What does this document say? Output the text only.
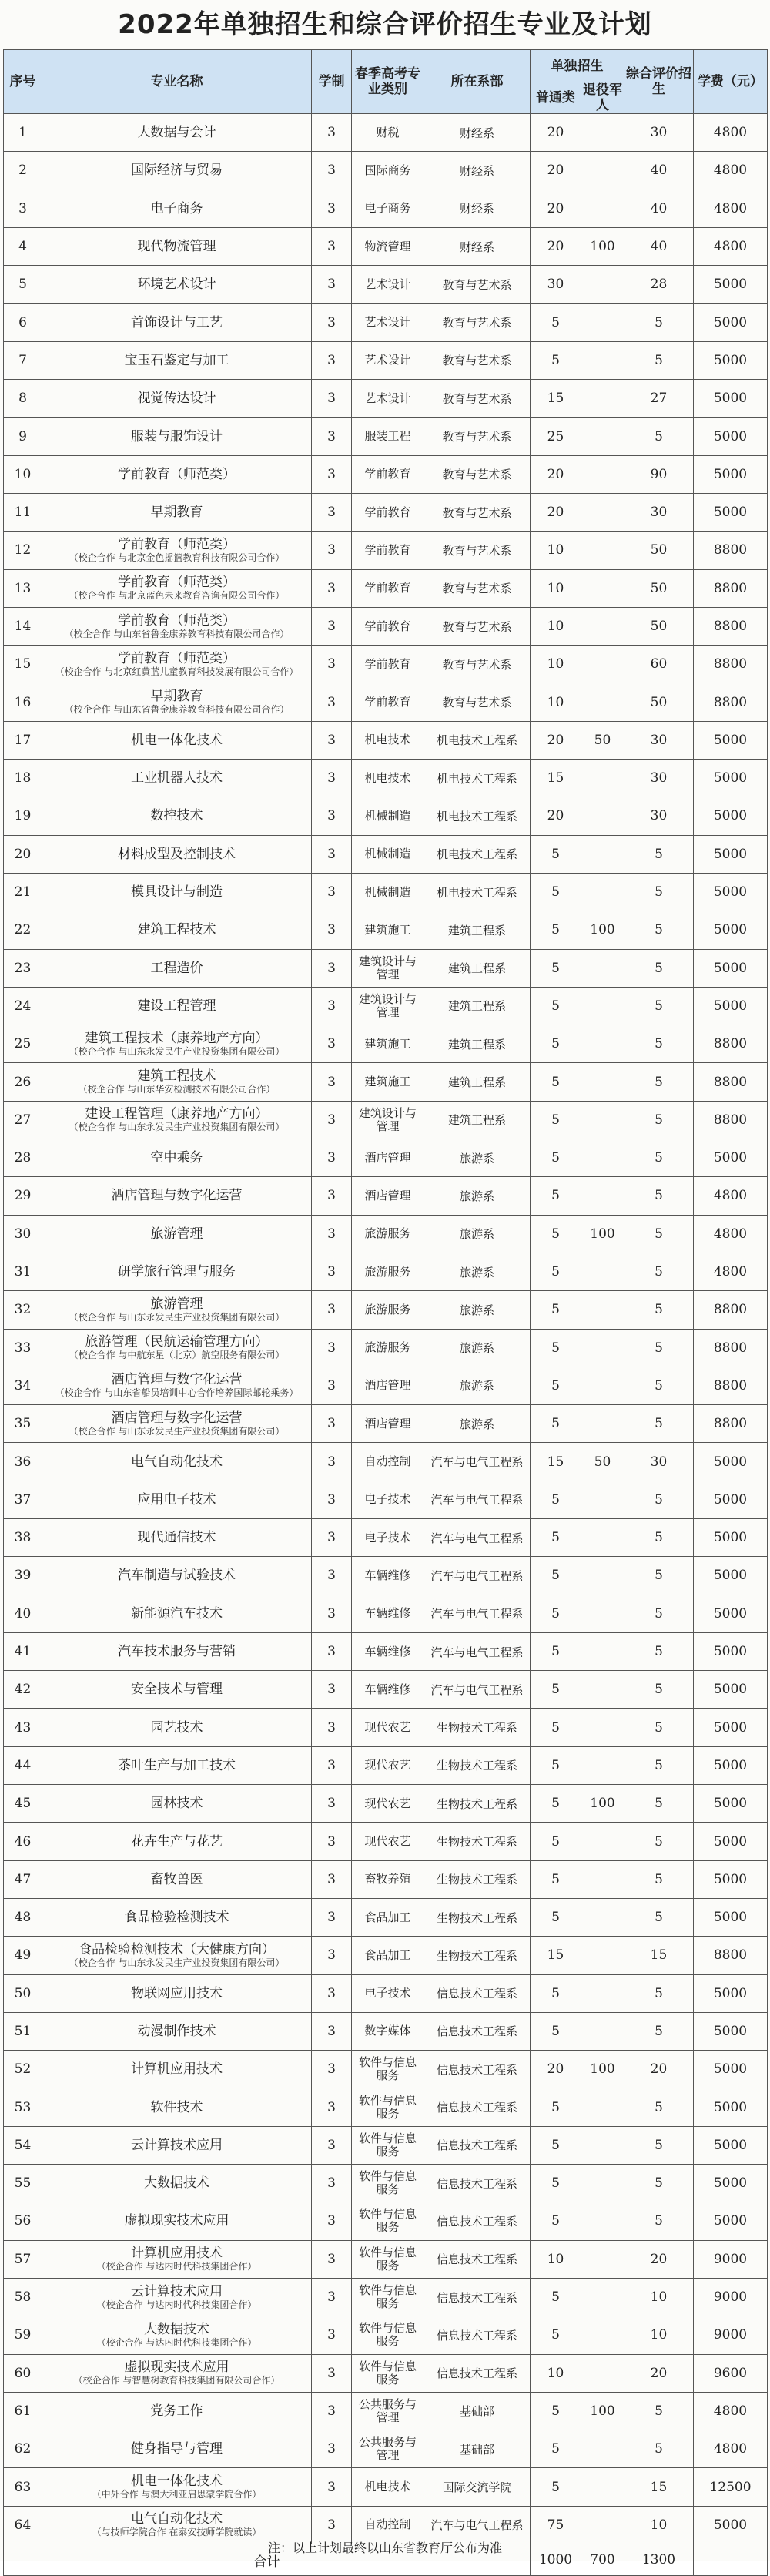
2022年单独招生和综合评价招生专业及计划
序号	专业名称	学制	春季高考专业类别	所在系部	单独招生		综合评价招生	学费（元）
					普通类	退役军人		
1	大数据与会计	3	财税	财经系	20		30	4800
2	国际经济与贸易	3	国际商务	财经系	20		40	4800
3	电子商务	3	电子商务	财经系	20		40	4800
4	现代物流管理	3	物流管理	财经系	20	100	40	4800
5	环境艺术设计	3	艺术设计	教育与艺术系	30		28	5000
6	首饰设计与工艺	3	艺术设计	教育与艺术系	5		5	5000
7	宝玉石鉴定与加工	3	艺术设计	教育与艺术系	5		5	5000
8	视觉传达设计	3	艺术设计	教育与艺术系	15		27	5000
9	服装与服饰设计	3	服装工程	教育与艺术系	25		5	5000
10	学前教育（师范类）	3	学前教育	教育与艺术系	20		90	5000
11	早期教育	3	学前教育	教育与艺术系	20		30	5000
12	学前教育（师范类）
（校企合作 与北京金色摇篮教育科技有限公司合作）	3	学前教育	教育与艺术系	10		50	8800
13	学前教育（师范类）
（校企合作 与北京蓝色未来教育咨询有限公司合作）	3	学前教育	教育与艺术系	10		50	8800
14	学前教育（师范类）
（校企合作 与山东省鲁金康养教育科技有限公司合作）	3	学前教育	教育与艺术系	10		50	8800
15	学前教育（师范类）
（校企合作 与北京红黄蓝儿童教育科技发展有限公司合作）	3	学前教育	教育与艺术系	10		60	8800
16	早期教育
（校企合作 与山东省鲁金康养教育科技有限公司合作）	3	学前教育	教育与艺术系	10		50	8800
17	机电一体化技术	3	机电技术	机电技术工程系	20	50	30	5000
18	工业机器人技术	3	机电技术	机电技术工程系	15		30	5000
19	数控技术	3	机械制造	机电技术工程系	20		30	5000
20	材料成型及控制技术	3	机械制造	机电技术工程系	5		5	5000
21	模具设计与制造	3	机械制造	机电技术工程系	5		5	5000
22	建筑工程技术	3	建筑施工	建筑工程系	5	100	5	5000
23	工程造价	3	建筑设计与管理	建筑工程系	5		5	5000
24	建设工程管理	3	建筑设计与管理	建筑工程系	5		5	5000
25	建筑工程技术（康养地产方向）
（校企合作 与山东永发民生产业投资集团有限公司）	3	建筑施工	建筑工程系	5		5	8800
26	建筑工程技术
（校企合作 与山东华安检测技术有限公司合作）	3	建筑施工	建筑工程系	5		5	8800
27	建设工程管理（康养地产方向）
（校企合作 与山东永发民生产业投资集团有限公司）	3	建筑设计与管理	建筑工程系	5		5	8800
28	空中乘务	3	酒店管理	旅游系	5		5	5000
29	酒店管理与数字化运营	3	酒店管理	旅游系	5		5	4800
30	旅游管理	3	旅游服务	旅游系	5	100	5	4800
31	研学旅行管理与服务	3	旅游服务	旅游系	5		5	4800
32	旅游管理
（校企合作 与山东永发民生产业投资集团有限公司）	3	旅游服务	旅游系	5		5	8800
33	旅游管理（民航运输管理方向）
（校企合作 与中航东星（北京）航空服务有限公司）	3	旅游服务	旅游系	5		5	8800
34	酒店管理与数字化运营
（校企合作 与山东省船员培训中心合作培养国际邮轮乘务）	3	酒店管理	旅游系	5		5	8800
35	酒店管理与数字化运营
（校企合作 与山东永发民生产业投资集团有限公司）	3	酒店管理	旅游系	5		5	8800
36	电气自动化技术	3	自动控制	汽车与电气工程系	15	50	30	5000
37	应用电子技术	3	电子技术	汽车与电气工程系	5		5	5000
38	现代通信技术	3	电子技术	汽车与电气工程系	5		5	5000
39	汽车制造与试验技术	3	车辆维修	汽车与电气工程系	5		5	5000
40	新能源汽车技术	3	车辆维修	汽车与电气工程系	5		5	5000
41	汽车技术服务与营销	3	车辆维修	汽车与电气工程系	5		5	5000
42	安全技术与管理	3	车辆维修	汽车与电气工程系	5		5	5000
43	园艺技术	3	现代农艺	生物技术工程系	5		5	5000
44	茶叶生产与加工技术	3	现代农艺	生物技术工程系	5		5	5000
45	园林技术	3	现代农艺	生物技术工程系	5	100	5	5000
46	花卉生产与花艺	3	现代农艺	生物技术工程系	5		5	5000
47	畜牧兽医	3	畜牧养殖	生物技术工程系	5		5	5000
48	食品检验检测技术	3	食品加工	生物技术工程系	5		5	5000
49	食品检验检测技术（大健康方向）
（校企合作 与山东永发民生产业投资集团有限公司）	3	食品加工	生物技术工程系	15		15	8800
50	物联网应用技术	3	电子技术	信息技术工程系	5		5	5000
51	动漫制作技术	3	数字媒体	信息技术工程系	5		5	5000
52	计算机应用技术	3	软件与信息服务	信息技术工程系	20	100	20	5000
53	软件技术	3	软件与信息服务	信息技术工程系	5		5	5000
54	云计算技术应用	3	软件与信息服务	信息技术工程系	5		5	5000
55	大数据技术	3	软件与信息服务	信息技术工程系	5		5	5000
56	虚拟现实技术应用	3	软件与信息服务	信息技术工程系	5		5	5000
57	计算机应用技术
（校企合作 与达内时代科技集团合作）	3	软件与信息服务	信息技术工程系	10		20	9000
58	云计算技术应用
（校企合作 与达内时代科技集团合作）	3	软件与信息服务	信息技术工程系	5		10	9000
59	大数据技术
（校企合作 与达内时代科技集团合作）	3	软件与信息服务	信息技术工程系	5		10	9000
60	虚拟现实技术应用
（校企合作 与智慧树教育科技集团有限公司合作）	3	软件与信息服务	信息技术工程系	10		20	9600
61	党务工作	3	公共服务与管理	基础部	5	100	5	4800
62	健身指导与管理	3	公共服务与管理	基础部	5		5	4800
63	机电一体化技术
（中外合作 与澳大利亚启思蒙学院合作）	3	机电技术	国际交流学院	5		15	12500
64	电气自动化技术
（与技师学院合作 在泰安技师学院就读）	3	自动控制	汽车与电气工程系	75		10	5000
合计					1000	700	1300	
注：以上计划最终以山东省教育厅公布为准
